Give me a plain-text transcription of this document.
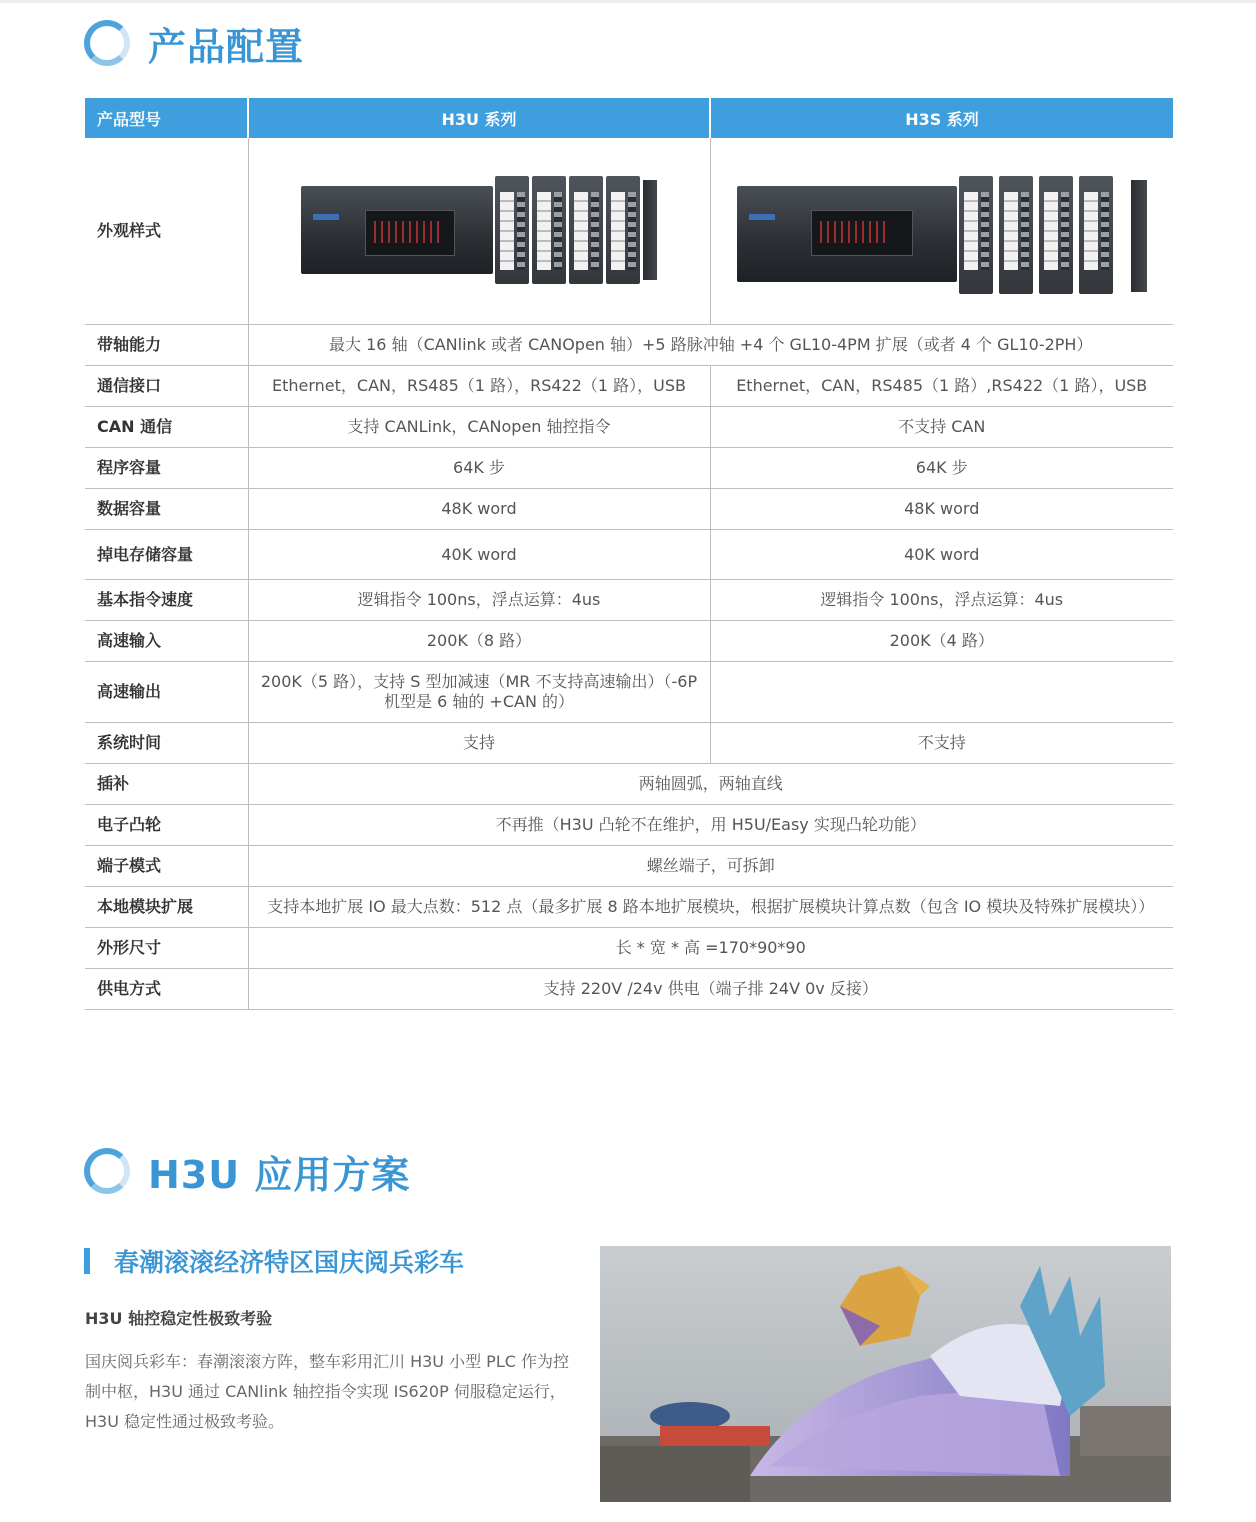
产品配置
产品型号	H3U 系列	H3S 系列
外观样式	

带轴能力	最大 16 轴（CANlink 或者 CANOpen 轴）+5 路脉冲轴 +4 个 GL10-4PM 扩展（或者 4 个 GL10-2PH）	
通信接口	Ethernet，CAN，RS485（1 路），RS422（1 路），USB	Ethernet，CAN，RS485（1 路）,RS422（1 路），USB
CAN 通信	支持 CANLink，CANopen 轴控指令	不支持 CAN
程序容量	64K 步	64K 步
数据容量	48K word	48K word
掉电存储容量	40K word	40K word
基本指令速度	逻辑指令 100ns，浮点运算：4us	逻辑指令 100ns，浮点运算：4us
高速输入	200K（8 路）	200K（4 路）
高速输出	200K（5 路），支持 S 型加减速（MR 不支持高速输出）（-6P 机型是 6 轴的 +CAN 的）	
系统时间	支持	不支持
插补	两轴圆弧，两轴直线	
电子凸轮	不再推（H3U 凸轮不在维护，用 H5U/Easy 实现凸轮功能）	
端子模式	螺丝端子，可拆卸	
本地模块扩展	支持本地扩展 IO 最大点数：512 点（最多扩展 8 路本地扩展模块，根据扩展模块计算点数（包含 IO 模块及特殊扩展模块））	
外形尺寸	长 * 宽 * 高 =170*90*90	
供电方式	支持 220V /24v 供电（端子排 24V 0v 反接）	
H3U 应用方案
春潮滚滚经济特区国庆阅兵彩车
H3U 轴控稳定性极致考验
国庆阅兵彩车：春潮滚滚方阵，整车彩用汇川 H3U 小型 PLC 作为控制中枢，H3U 通过 CANlink 轴控指令实现 IS620P 伺服稳定运行，H3U 稳定性通过极致考验。
